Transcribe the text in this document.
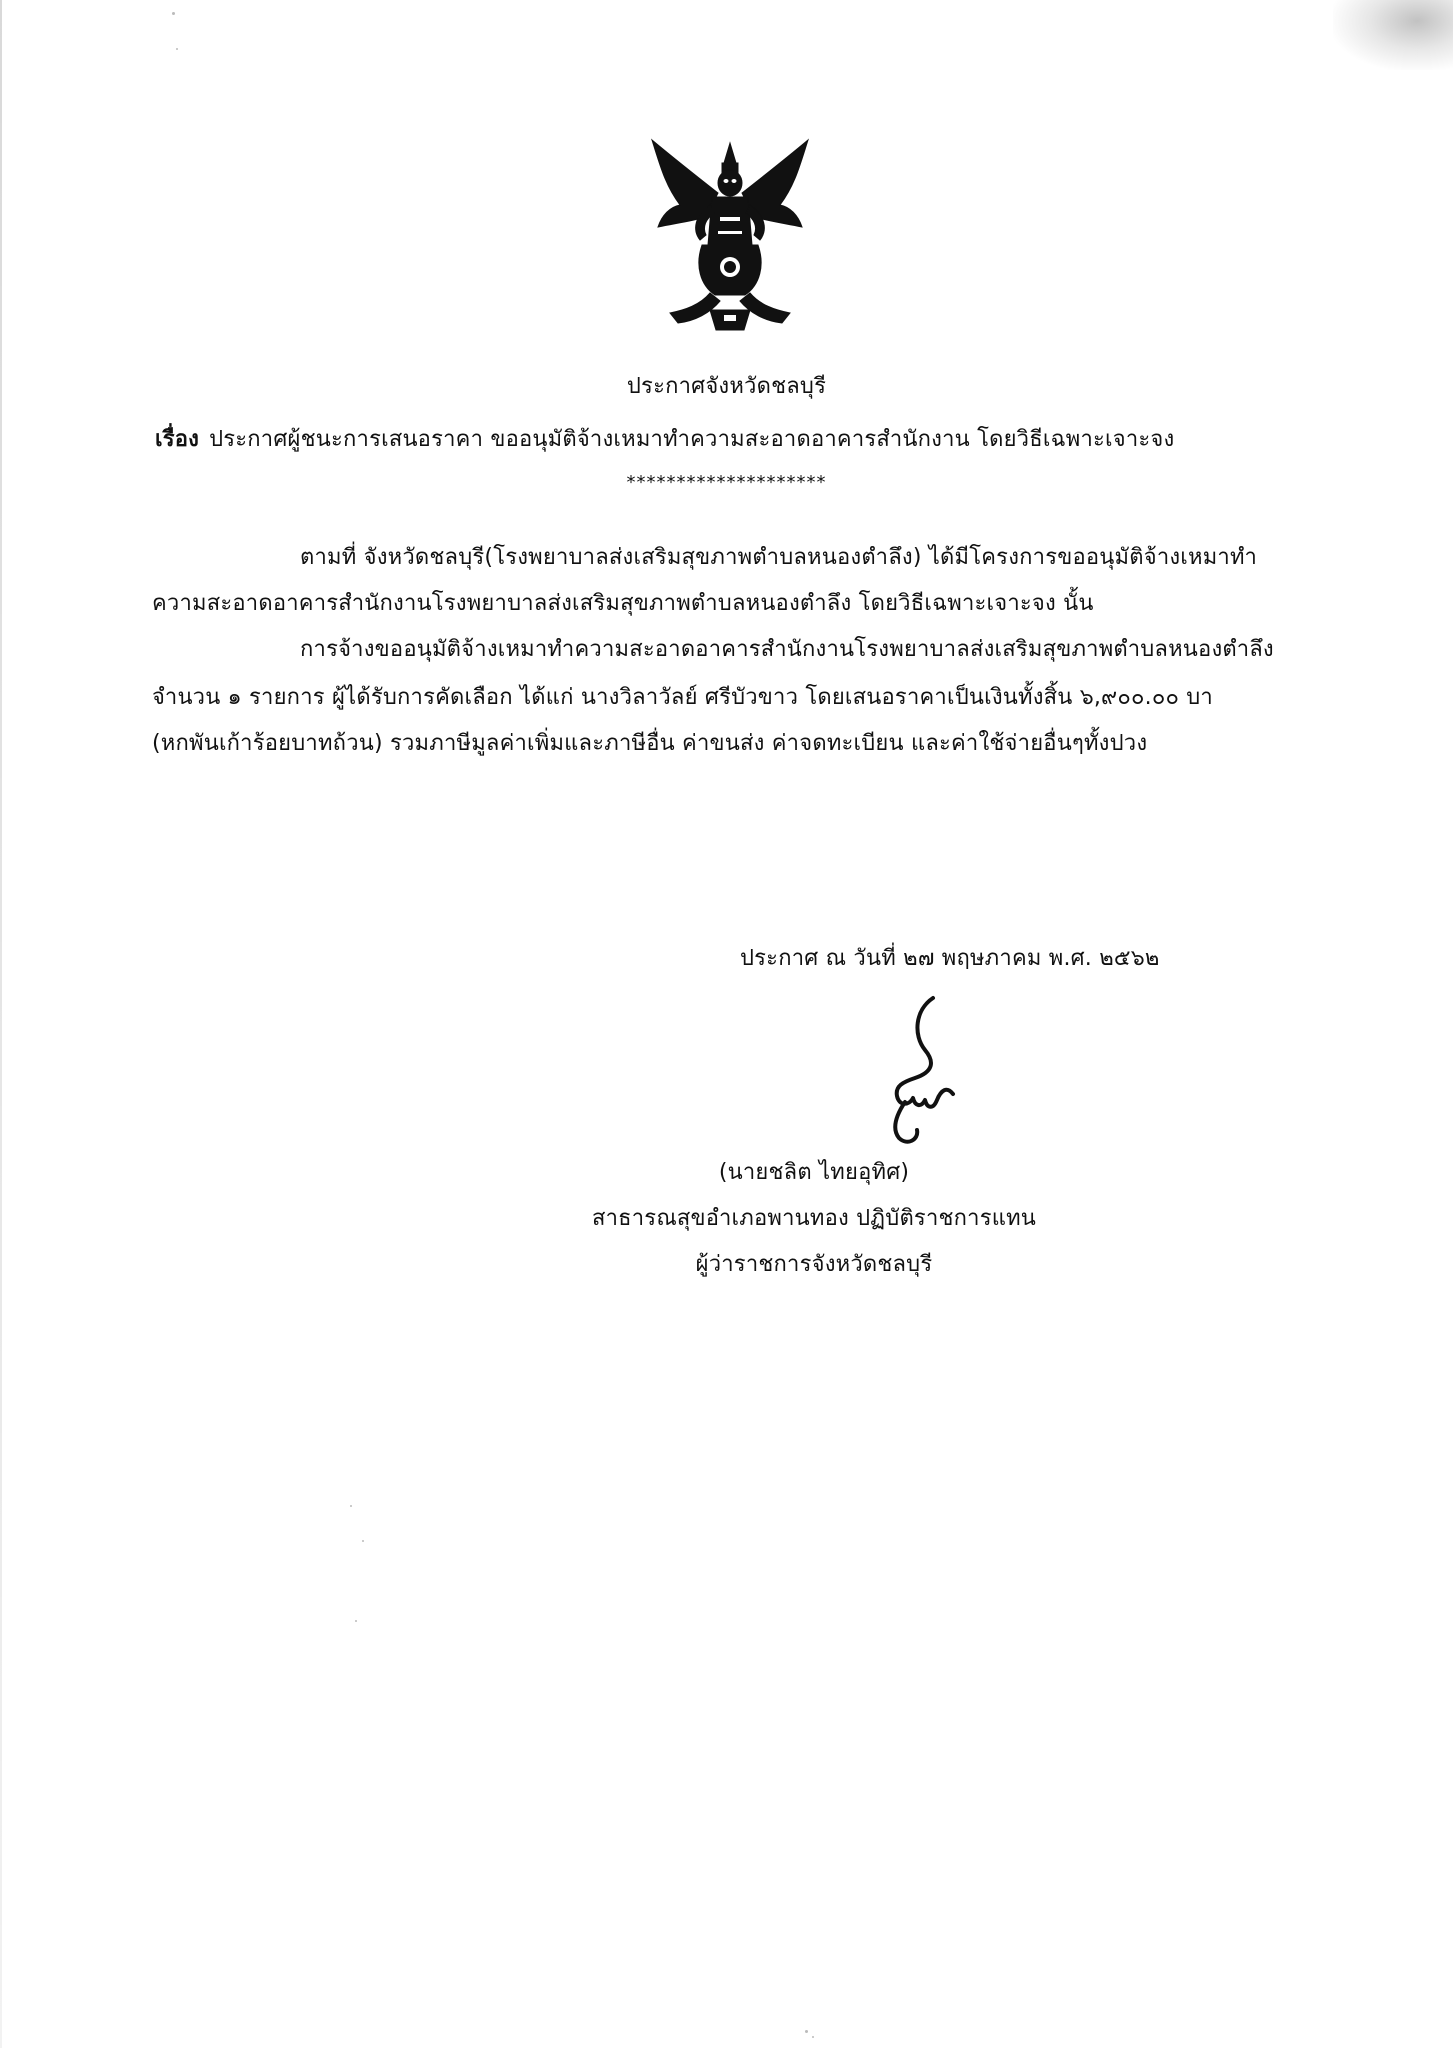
ประกาศจังหวัดชลบุรี
เรื่อง ประกาศผู้ชนะการเสนอราคา ขออนุมัติจ้างเหมาทำความสะอาดอาคารสำนักงาน โดยวิธีเฉพาะเจาะจง
********************
ตามที่ จังหวัดชลบุรี(โรงพยาบาลส่งเสริมสุขภาพตำบลหนองตำลึง) ได้มีโครงการขออนุมัติจ้างเหมาทำ
ความสะอาดอาคารสำนักงานโรงพยาบาลส่งเสริมสุขภาพตำบลหนองตำลึง โดยวิธีเฉพาะเจาะจง นั้น
การจ้างขออนุมัติจ้างเหมาทำความสะอาดอาคารสำนักงานโรงพยาบาลส่งเสริมสุขภาพตำบลหนองตำลึง
จำนวน ๑ รายการ ผู้ได้รับการคัดเลือก ได้แก่ นางวิลาวัลย์ ศรีบัวขาว โดยเสนอราคาเป็นเงินทั้งสิ้น ๖,๙๐๐.๐๐ บา
(หกพันเก้าร้อยบาทถ้วน) รวมภาษีมูลค่าเพิ่มและภาษีอื่น ค่าขนส่ง ค่าจดทะเบียน และค่าใช้จ่ายอื่นๆทั้งปวง
ประกาศ ณ วันที่ ๒๗ พฤษภาคม พ.ศ. ๒๕๖๒
(นายชลิต ไทยอุทิศ)
สาธารณสุขอำเภอพานทอง ปฏิบัติราชการแทน
ผู้ว่าราชการจังหวัดชลบุรี
